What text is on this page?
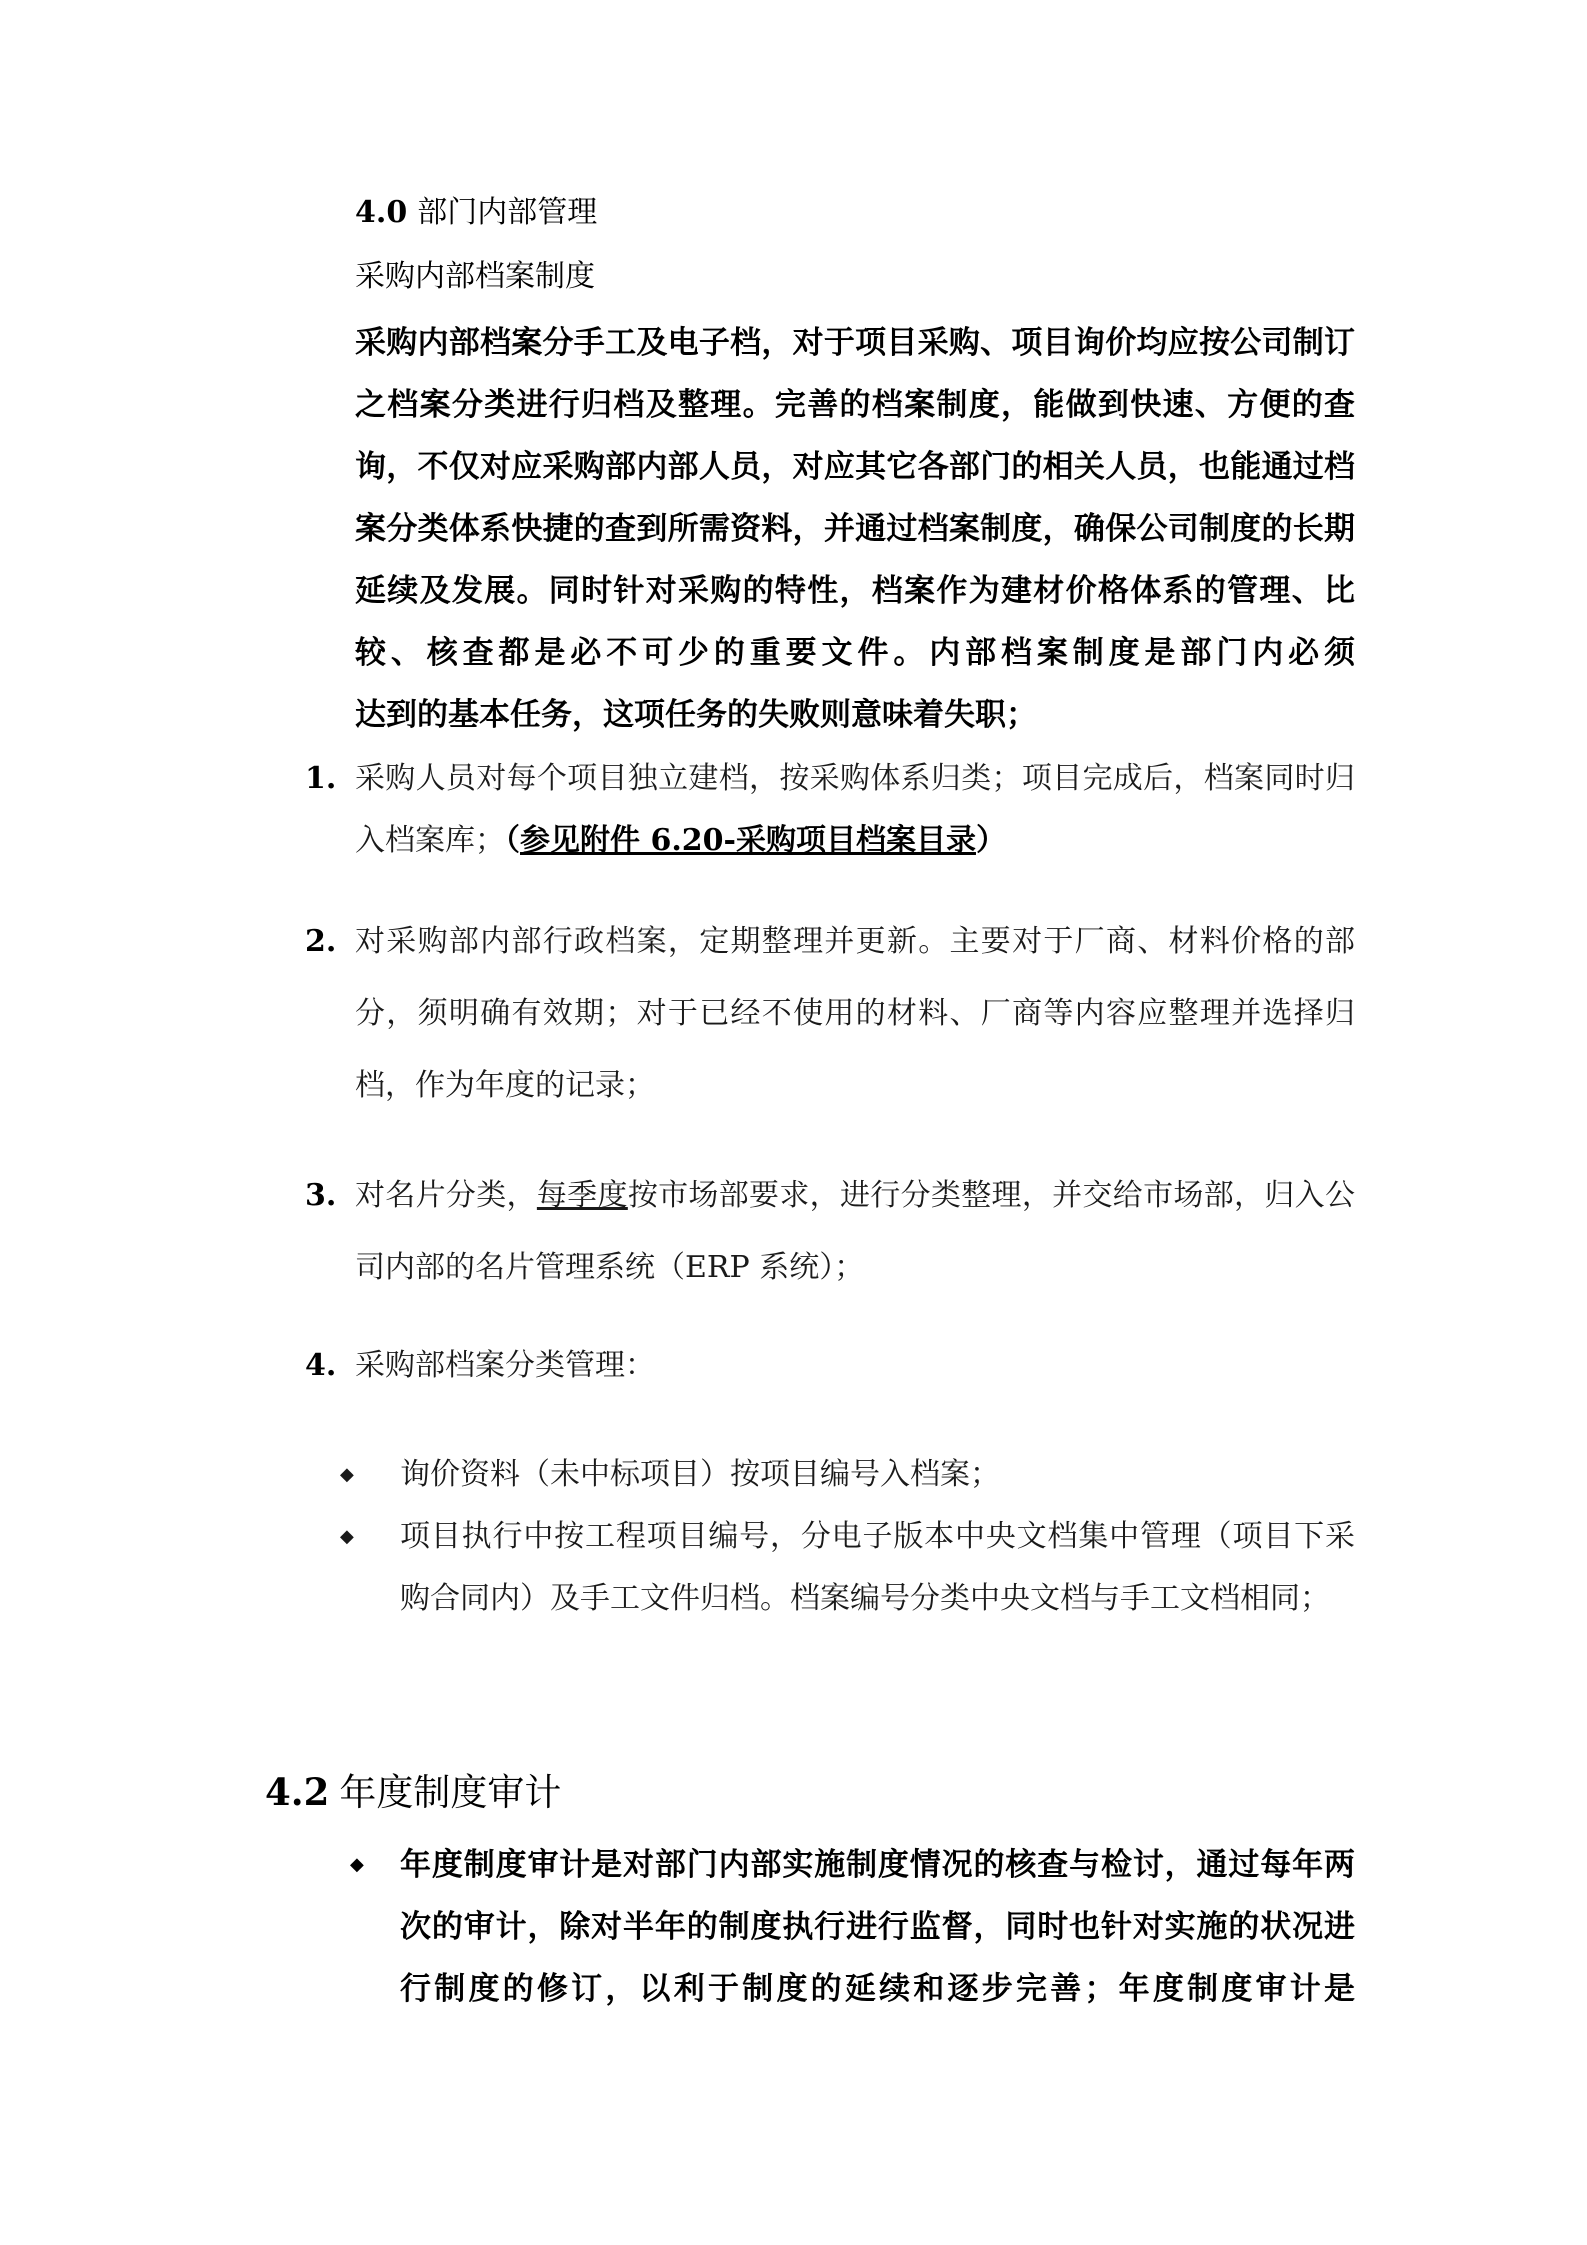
4.0 部门内部管理
采购内部档案制度
采购内部档案分手工及电子档，对于项目采购、项目询价均应按公司制订之档案分类进行归档及整理。完善的档案制度，能做到快速、方便的查询，不仅对应采购部内部人员，对应其它各部门的相关人员，也能通过档案分类体系快捷的查到所需资料，并通过档案制度，确保公司制度的长期延续及发展。同时针对采购的特性，档案作为建材价格体系的管理、比较、核查都是必不可少的重要文件。内部档案制度是部门内必须
达到的基本任务，这项任务的失败则意味着失职；
1. 采购人员对每个项目独立建档，按采购体系归类；项目完成后，档案同时归入档案库；（参见附件 6.20-采购项目档案目录）
2. 对采购部内部行政档案，定期整理并更新。主要对于厂商、材料价格的部分，须明确有效期；对于已经不使用的材料、厂商等内容应整理并选择归档，作为年度的记录；
3. 对名片分类，每季度按市场部要求，进行分类整理，并交给市场部，归入公司内部的名片管理系统（ERP 系统）；
4. 采购部档案分类管理：
◆ 询价资料（未中标项目）按项目编号入档案；
◆ 项目执行中按工程项目编号，分电子版本中央文档集中管理（项目下采购合同内）及手工文件归档。档案编号分类中央文档与手工文档相同；
4.2 年度制度审计
◆ 年度制度审计是对部门内部实施制度情况的核查与检讨，通过每年两次的审计，除对半年的制度执行进行监督，同时也针对实施的状况进行制度的修订，以利于制度的延续和逐步完善；年度制度审计是
